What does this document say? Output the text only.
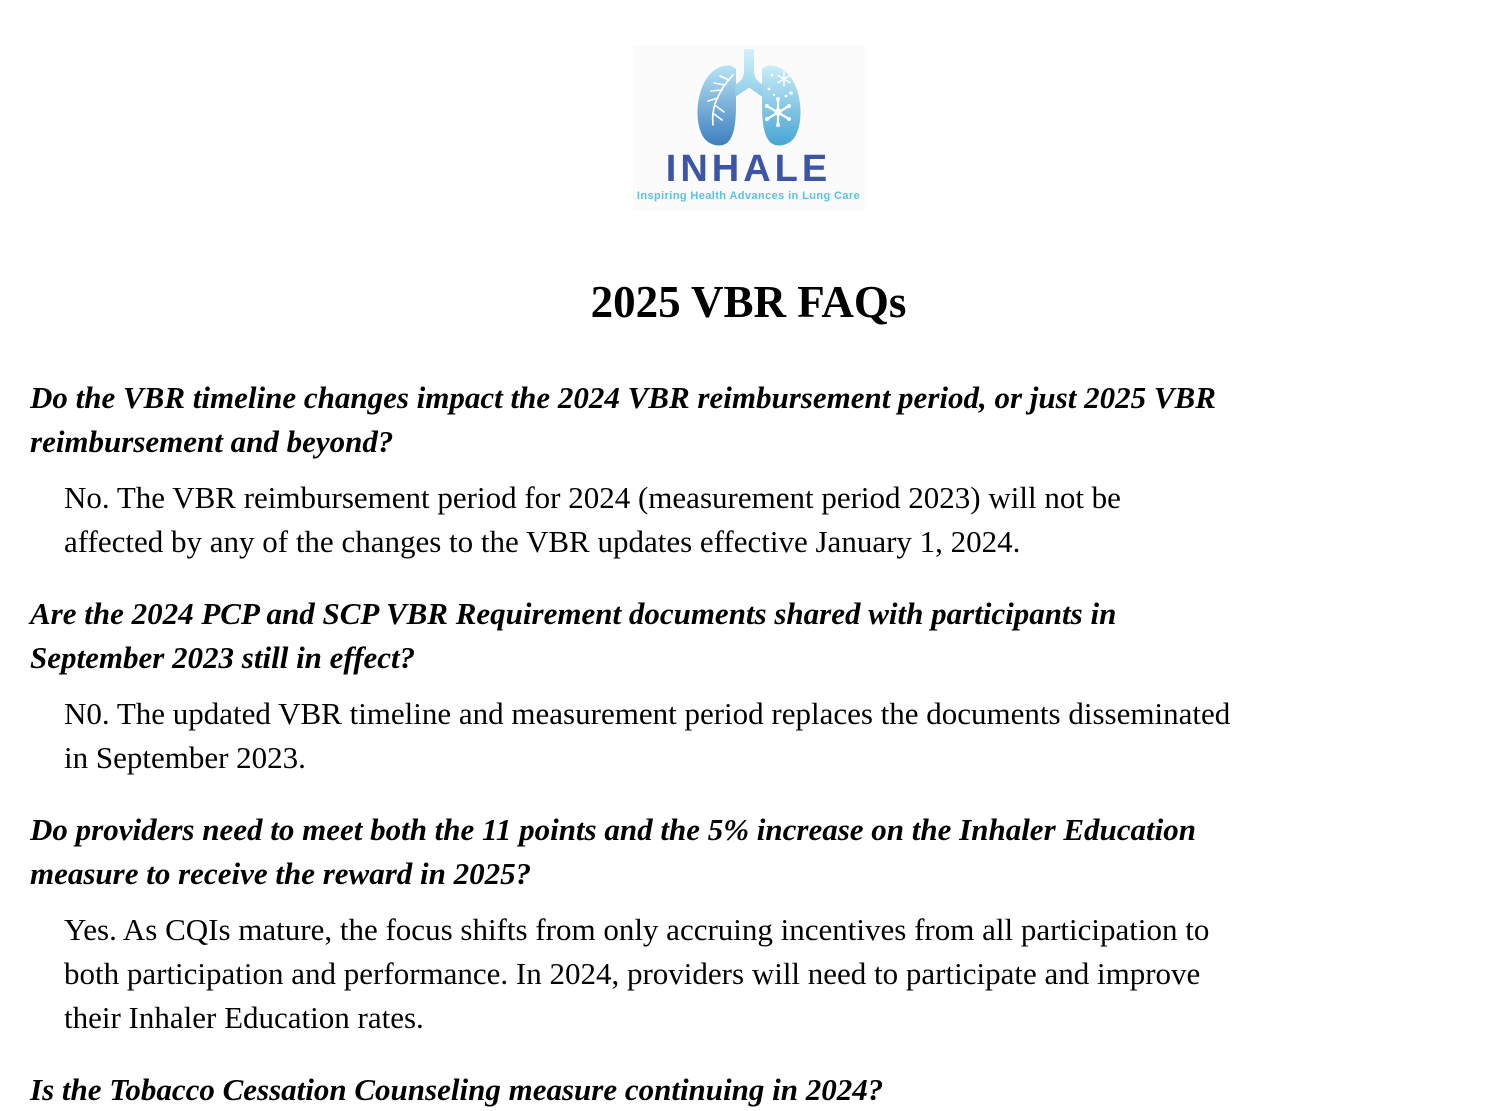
INHALE
Inspiring Health Advances in Lung Care
2025 VBR FAQs

Do the VBR timeline changes impact the 2024 VBR reimbursement period, or just 2025 VBR
reimbursement and beyond?

No. The VBR reimbursement period for 2024 (measurement period 2023) will not be
affected by any of the changes to the VBR updates effective January 1, 2024.

Are the 2024 PCP and SCP VBR Requirement documents shared with participants in
September 2023 still in effect?

N0. The updated VBR timeline and measurement period replaces the documents disseminated
in September 2023.

Do providers need to meet both the 11 points and the 5% increase on the Inhaler Education
measure to receive the reward in 2025?

Yes. As CQIs mature, the focus shifts from only accruing incentives from all participation to
both participation and performance. In 2024, providers will need to participate and improve
their Inhaler Education rates.

Is the Tobacco Cessation Counseling measure continuing in 2024?
